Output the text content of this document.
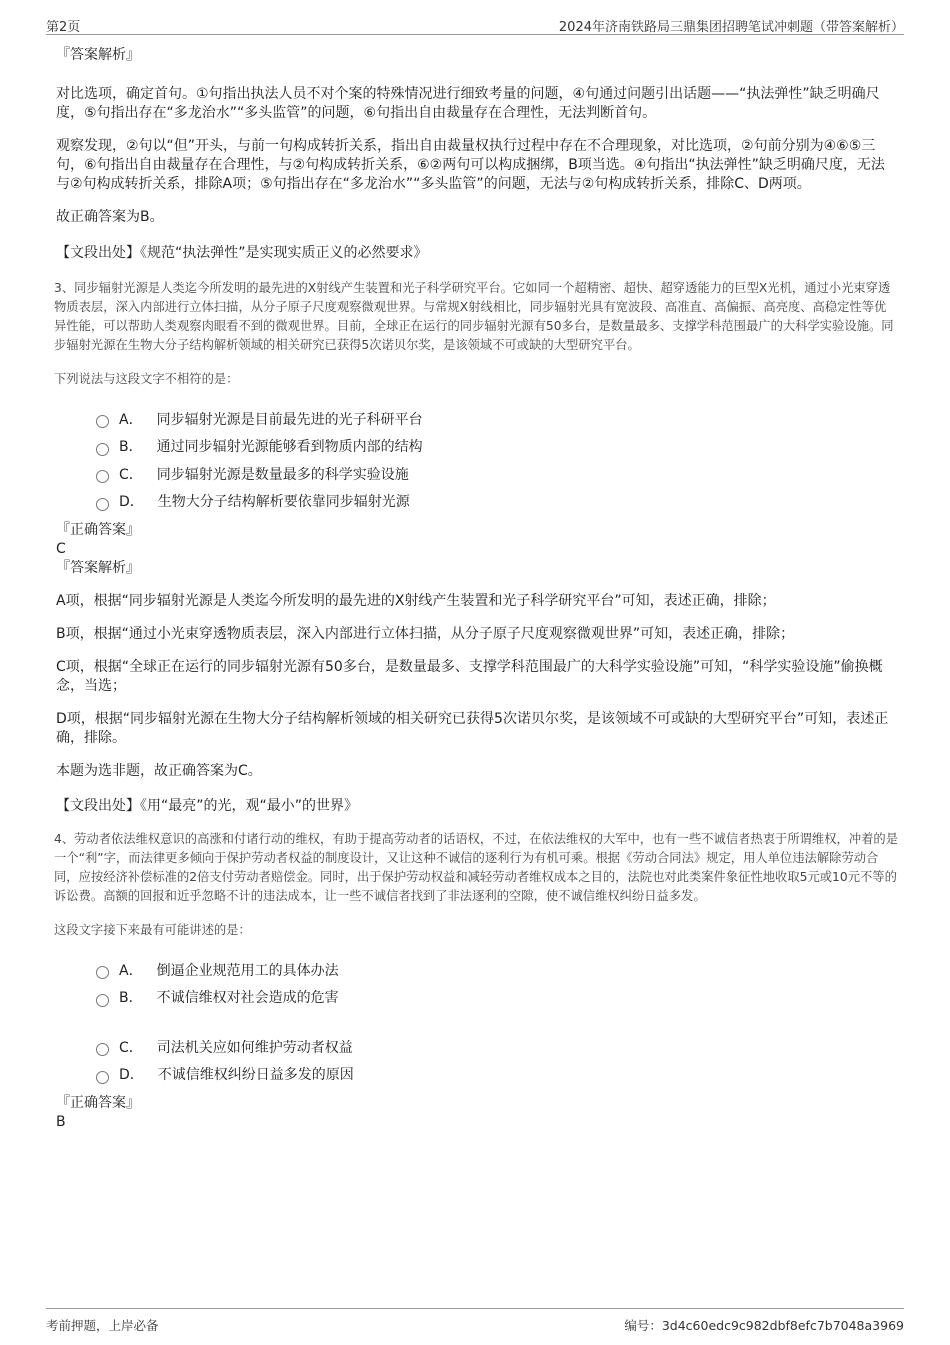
第2页	2024年济南铁路局三鼎集团招聘笔试冲刺题（带答案解析）

『答案解析』

对比选项，确定首句。①句指出执法人员不对个案的特殊情况进行细致考量的问题，④句通过问题引出话题——“执法弹性”缺乏明确尺度，⑤句指出存在“多龙治水”“多头监管”的问题，⑥句指出自由裁量存在合理性，无法判断首句。

观察发现，②句以“但”开头，与前一句构成转折关系，指出自由裁量权执行过程中存在不合理现象，对比选项，②句前分别为④⑥⑤三句，⑥句指出自由裁量存在合理性，与②句构成转折关系，⑥②两句可以构成捆绑，B项当选。④句指出“执法弹性”缺乏明确尺度，无法与②句构成转折关系，排除A项；⑤句指出存在“多龙治水”“多头监管”的问题，无法与②句构成转折关系，排除C、D两项。

故正确答案为B。

【文段出处】《规范“执法弹性”是实现实质正义的必然要求》

3、同步辐射光源是人类迄今所发明的最先进的X射线产生装置和光子科学研究平台。它如同一个超精密、超快、超穿透能力的巨型X光机，通过小光束穿透物质表层，深入内部进行立体扫描，从分子原子尺度观察微观世界。与常规X射线相比，同步辐射光具有宽波段、高准直、高偏振、高亮度、高稳定性等优异性能，可以帮助人类观察肉眼看不到的微观世界。目前，全球正在运行的同步辐射光源有50多台，是数量最多、支撑学科范围最广的大科学实验设施。同步辐射光源在生物大分子结构解析领域的相关研究已获得5次诺贝尔奖，是该领域不可或缺的大型研究平台。

下列说法与这段文字不相符的是：

A． 同步辐射光源是目前最先进的光子科研平台
B． 通过同步辐射光源能够看到物质内部的结构
C． 同步辐射光源是数量最多的科学实验设施
D． 生物大分子结构解析要依靠同步辐射光源

『正确答案』

C

『答案解析』

A项，根据“同步辐射光源是人类迄今所发明的最先进的X射线产生装置和光子科学研究平台”可知，表述正确，排除；

B项，根据“通过小光束穿透物质表层，深入内部进行立体扫描，从分子原子尺度观察微观世界”可知，表述正确，排除；

C项，根据“全球正在运行的同步辐射光源有50多台，是数量最多、支撑学科范围最广的大科学实验设施”可知，“科学实验设施”偷换概念，当选；

D项，根据“同步辐射光源在生物大分子结构解析领域的相关研究已获得5次诺贝尔奖，是该领域不可或缺的大型研究平台”可知，表述正确，排除。

本题为选非题，故正确答案为C。

【文段出处】《用“最亮”的光，观“最小”的世界》

4、劳动者依法维权意识的高涨和付诸行动的维权，有助于提高劳动者的话语权，不过，在依法维权的大军中，也有一些不诚信者热衷于所谓维权，冲着的是一个“利”字，而法律更多倾向于保护劳动者权益的制度设计，又让这种不诚信的逐利行为有机可乘。根据《劳动合同法》规定，用人单位违法解除劳动合同，应按经济补偿标准的2倍支付劳动者赔偿金。同时，出于保护劳动权益和减轻劳动者维权成本之目的，法院也对此类案件象征性地收取5元或10元不等的诉讼费。高额的回报和近乎忽略不计的违法成本，让一些不诚信者找到了非法逐利的空隙，使不诚信维权纠纷日益多发。

这段文字接下来最有可能讲述的是：

A． 倒逼企业规范用工的具体办法
B． 不诚信维权对社会造成的危害
C． 司法机关应如何维护劳动者权益
D． 不诚信维权纠纷日益多发的原因

『正确答案』

B

考前押题，上岸必备	编号：3d4c60edc9c982dbf8efc7b7048a3969
